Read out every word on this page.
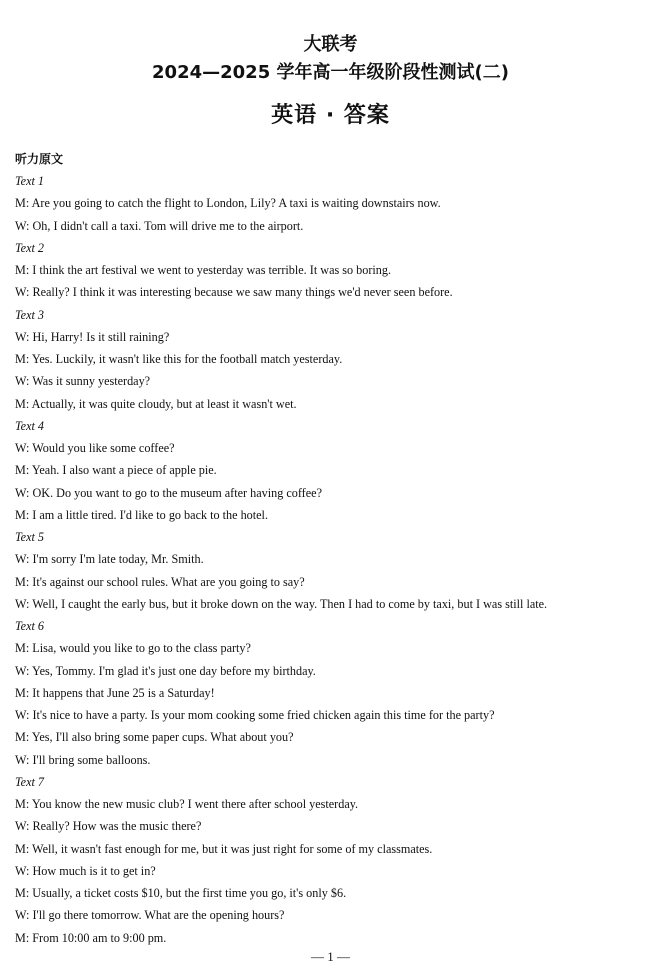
大联考
2024—2025 学年高一年级阶段性测试(二)
英语 · 答案
听力原文
Text 1
M: Are you going to catch the flight to London, Lily? A taxi is waiting downstairs now.
W: Oh, I didn't call a taxi. Tom will drive me to the airport.
Text 2
M: I think the art festival we went to yesterday was terrible. It was so boring.
W: Really? I think it was interesting because we saw many things we'd never seen before.
Text 3
W: Hi, Harry! Is it still raining?
M: Yes. Luckily, it wasn't like this for the football match yesterday.
W: Was it sunny yesterday?
M: Actually, it was quite cloudy, but at least it wasn't wet.
Text 4
W: Would you like some coffee?
M: Yeah. I also want a piece of apple pie.
W: OK. Do you want to go to the museum after having coffee?
M: I am a little tired. I'd like to go back to the hotel.
Text 5
W: I'm sorry I'm late today, Mr. Smith.
M: It's against our school rules. What are you going to say?
W: Well, I caught the early bus, but it broke down on the way. Then I had to come by taxi, but I was still late.
Text 6
M: Lisa, would you like to go to the class party?
W: Yes, Tommy. I'm glad it's just one day before my birthday.
M: It happens that June 25 is a Saturday!
W: It's nice to have a party. Is your mom cooking some fried chicken again this time for the party?
M: Yes, I'll also bring some paper cups. What about you?
W: I'll bring some balloons.
Text 7
M: You know the new music club? I went there after school yesterday.
W: Really? How was the music there?
M: Well, it wasn't fast enough for me, but it was just right for some of my classmates.
W: How much is it to get in?
M: Usually, a ticket costs $10, but the first time you go, it's only $6.
W: I'll go there tomorrow. What are the opening hours?
M: From 10:00 am to 9:00 pm.
— 1 —
